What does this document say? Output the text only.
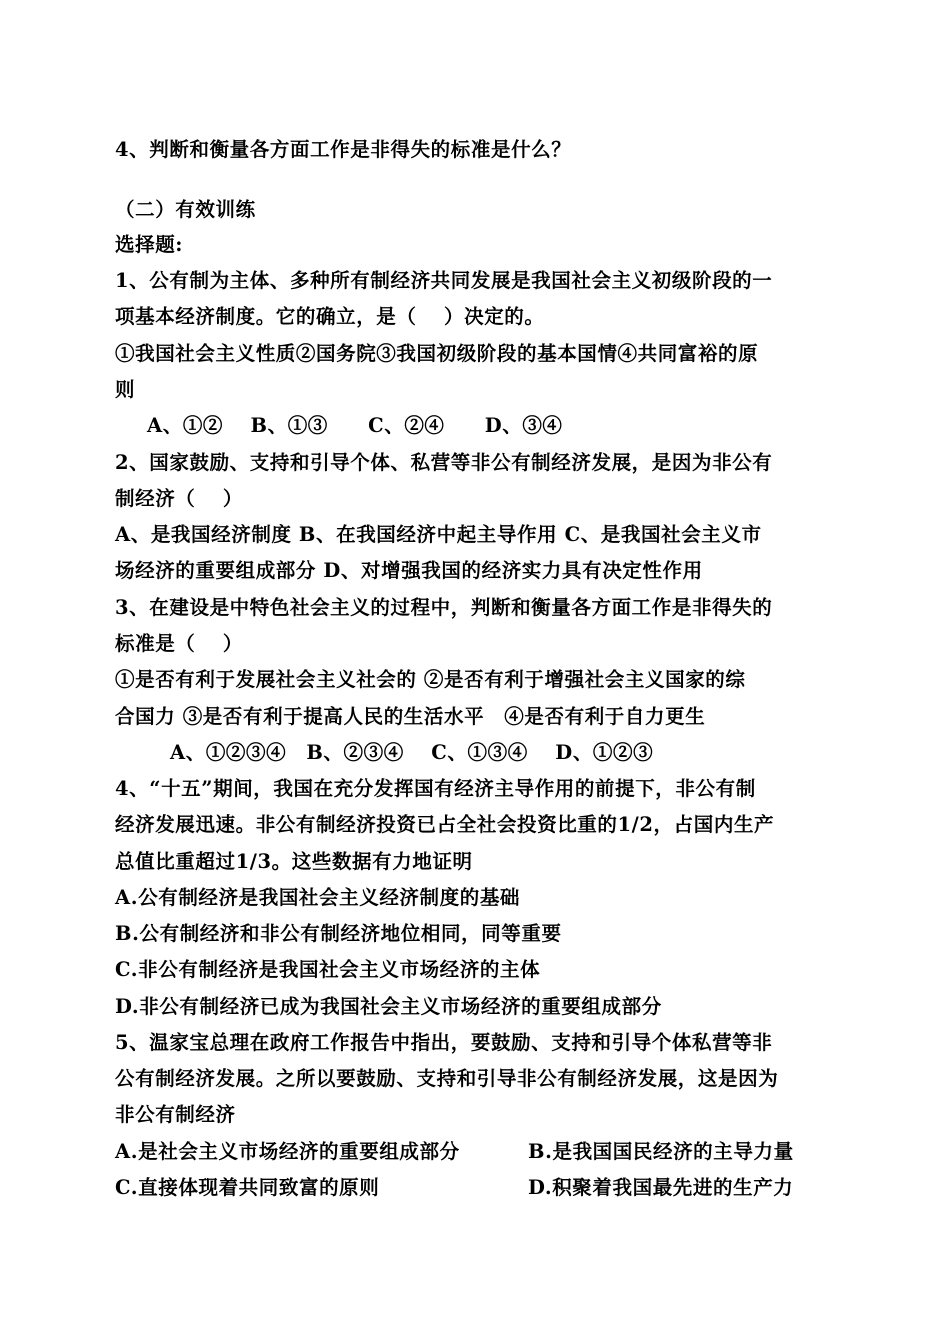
4、判断和衡量各方面工作是非得失的标准是什么？
（二）有效训练
选择题:
1、公有制为主体、多种所有制经济共同发展是我国社会主义初级阶段的一
项基本经济制度。它的确立，是（　 ）决定的。
①我国社会主义性质②国务院③我国初级阶段的基本国情④共同富裕的原
则
A、①②　 B、①③　　C、②④　　D、③④
2、国家鼓励、支持和引导个体、私营等非公有制经济发展，是因为非公有
制经济（　 ）
A、是我国经济制度 B、在我国经济中起主导作用 C、是我国社会主义市
场经济的重要组成部分 D、对增强我国的经济实力具有决定性作用
3、在建设是中特色社会主义的过程中，判断和衡量各方面工作是非得失的
标准是（　 ）
①是否有利于发展社会主义社会的 ②是否有利于增强社会主义国家的综
合国力 ③是否有利于提高人民的生活水平　④是否有利于自力更生
A、①②③④　B、②③④　 C、①③④　 D、①②③
4、“十五”期间，我国在充分发挥国有经济主导作用的前提下，非公有制
经济发展迅速。非公有制经济投资已占全社会投资比重的1/2，占国内生产
总值比重超过1/3。这些数据有力地证明
A.公有制经济是我国社会主义经济制度的基础
B.公有制经济和非公有制经济地位相同，同等重要
C.非公有制经济是我国社会主义市场经济的主体
D.非公有制经济已成为我国社会主义市场经济的重要组成部分
5、温家宝总理在政府工作报告中指出，要鼓励、支持和引导个体私营等非
公有制经济发展。之所以要鼓励、支持和引导非公有制经济发展，这是因为
非公有制经济
A.是社会主义市场经济的重要组成部分	B.是我国国民经济的主导力量
C.直接体现着共同致富的原则	D.积聚着我国最先进的生产力
